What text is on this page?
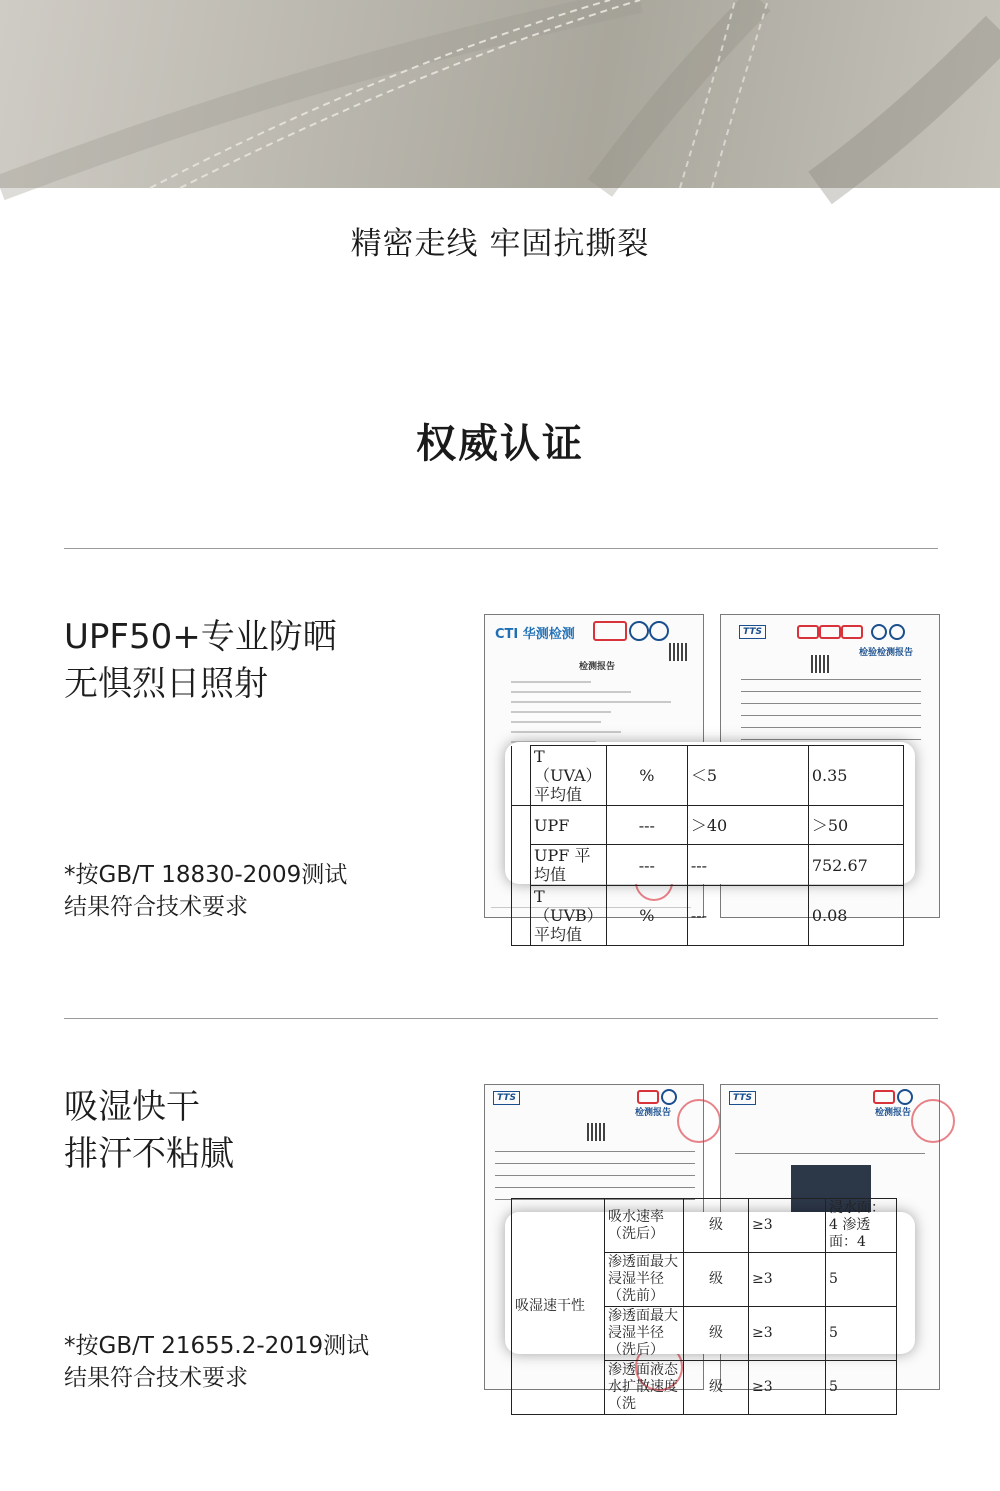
精密走线 牢固抗撕裂
权威认证
UPF50+专业防晒
无惧烈日照射
*按GB/T 18830-2009测试
结果符合技术要求
CTI 华测检测
检测报告
TTS
检验检测报告
	T（UVA）平均值	%	＜5	0.35
	UPF	---	＞40	＞50
	UPF 平均值	---	---	752.67
	T（UVB）平均值	%	---	0.08
吸湿快干
排汗不粘腻
*按GB/T 21655.2-2019测试
结果符合技术要求
TTS
检测报告
TTS
检测报告
吸湿速干性	吸水速率（洗后）	级	≥3	浸水面：4 渗透面：4
	渗透面最大浸湿半径（洗前）	级	≥3	5
	渗透面最大浸湿半径（洗后）	级	≥3	5
	渗透面液态水扩散速度（洗	级	≥3	5
